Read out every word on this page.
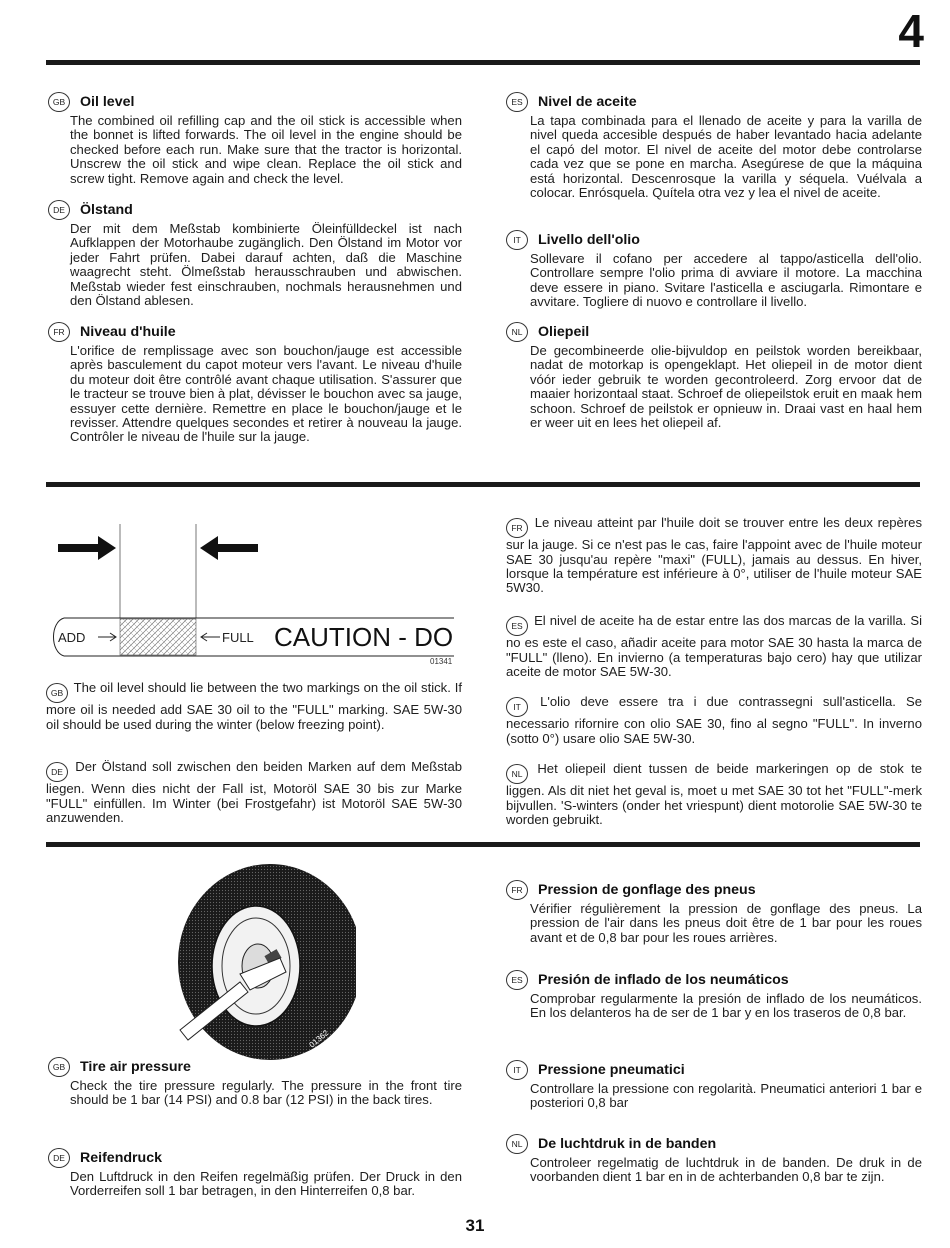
4
GB	Oil level
The combined oil refilling cap and the oil stick is accessible when the bonnet is lifted forwards. The oil level in the engine should be checked before each run. Make sure that the tractor is horizontal. Unscrew the oil stick and wipe clean. Replace the oil stick and screw tight. Remove again and check the level.
DE	Ölstand
Der mit dem Meßstab kombinierte Öleinfülldeckel ist nach Aufklappen der Motorhaube zugänglich. Den Ölstand im Motor vor jeder Fahrt prüfen. Dabei darauf achten, daß die Maschine waagrecht steht. Ölmeßstab herausschrauben und abwischen. Meßstab wieder fest einschrauben, nochmals herausnehmen und den Ölstand ablesen.
FR	Niveau d'huile
L'orifice de remplissage avec son bouchon/jauge est accessible après basculement du capot moteur vers l'avant. Le niveau d'huile du moteur doit être contrôlé avant chaque utilisation. S'assurer que le tracteur se trouve bien à plat, dévisser le bouchon avec sa jauge, essuyer cette dernière. Remettre en place le bouchon/jauge et le revisser. Attendre quelques secondes et retirer à nouveau la jauge. Contrôler le niveau de l'huile sur la jauge.
ES	Nivel de aceite
La tapa combinada para el llenado de aceite y para la varilla de nivel queda accesible después de haber levantado hacia adelante el capó del motor. El nivel de aceite del motor debe controlarse cada vez que se pone en marcha. Asegúrese de que la máquina está horizontal. Descenrosque la varilla y séquela. Vuélvala a colocar. Enrósquela. Quítela otra vez y lea el nivel de aceite.
IT	Livello dell'olio
Sollevare il cofano per accedere al tappo/asticella dell'olio. Controllare sempre l'olio prima di avviare il motore. La macchina deve essere in piano. Svitare l'asticella e asciugarla. Rimontare e avvitare. Togliere di nuovo e controllare il livello.
NL	Oliepeil
De gecombineerde olie-bijvuldop en peilstok worden bereikbaar, nadat de motorkap is opengeklapt. Het oliepeil in de motor dient vóór ieder gebruik te worden gecontroleerd. Zorg ervoor dat de maaier horizontaal staat. Schroef de oliepeilstok eruit en maak hem schoon. Schroef de peilstok er opnieuw in. Draai vast en haal hem er weer uit en lees het oliepeil af.
ADD	FULL CAUTION - DO
01341
GB The oil level should lie between the two markings on the oil stick. If more oil is needed add SAE 30 oil to the "FULL" marking. SAE 5W-30 oil should be used during the winter (below freezing point).
DE Der Ölstand soll zwischen den beiden Marken auf dem Meßstab liegen. Wenn dies nicht der Fall ist, Motoröl SAE 30 bis zur Marke "FULL" einfüllen. Im Winter (bei Frostgefahr) ist Motoröl SAE 5W-30 anzuwenden.
FR Le niveau atteint par l'huile doit se trouver entre les deux repères sur la jauge. Si ce n'est pas le cas, faire l'appoint avec de l'huile moteur SAE 30 jusqu'au repère "maxi" (FULL), jamais au dessus. En hiver, lorsque la température est inférieure à 0°, utiliser de l'huile moteur SAE 5W30.
ES El nivel de aceite ha de estar entre las dos marcas de la varilla. Si no es este el caso, añadir aceite para motor SAE 30 hasta la marca de "FULL" (lleno). En invierno (a temperaturas bajo cero) hay que utilizar aceite de motor SAE 5W-30.
IT L'olio deve essere tra i due contrassegni sull'asticella. Se necessario rifornire con olio SAE 30, fino al segno "FULL". In inverno (sotto 0°) usare olio SAE 5W-30.
NL Het oliepeil dient tussen de beide markeringen op de stok te liggen. Als dit niet het geval is, moet u met SAE 30 tot het "FULL"-merk bijvullen. 'S-winters (onder het vriespunt) dient motorolie SAE 5W-30 te worden gebruikt.
01362
GB	Tire air pressure
Check the tire pressure regularly. The pressure in the front tire should be 1 bar (14 PSI) and 0.8 bar (12 PSI) in the back tires.
DE	Reifendruck
Den Luftdruck in den Reifen regelmäßig prüfen. Der Druck in den Vorderreifen soll 1 bar betragen, in den Hinterreifen 0,8 bar.
FR	Pression de gonflage des pneus
Vérifier régulièrement la pression de gonflage des pneus. La pression de l'air dans les pneus doit être de 1 bar pour les roues avant et de 0,8 bar pour les roues arrières.
ES	Presión de inflado de los neumáticos
Comprobar regularmente la presión de inflado de los neumáticos. En los delanteros ha de ser de 1 bar y en los traseros de 0,8 bar.
IT	Pressione pneumatici
Controllare la pressione con regolarità. Pneumatici anteriori 1 bar e posteriori 0,8 bar
NL	De luchtdruk in de banden
Controleer regelmatig de luchtdruk in de banden. De druk in de voorbanden dient 1 bar en in de achterbanden 0,8 bar te zijn.
31
